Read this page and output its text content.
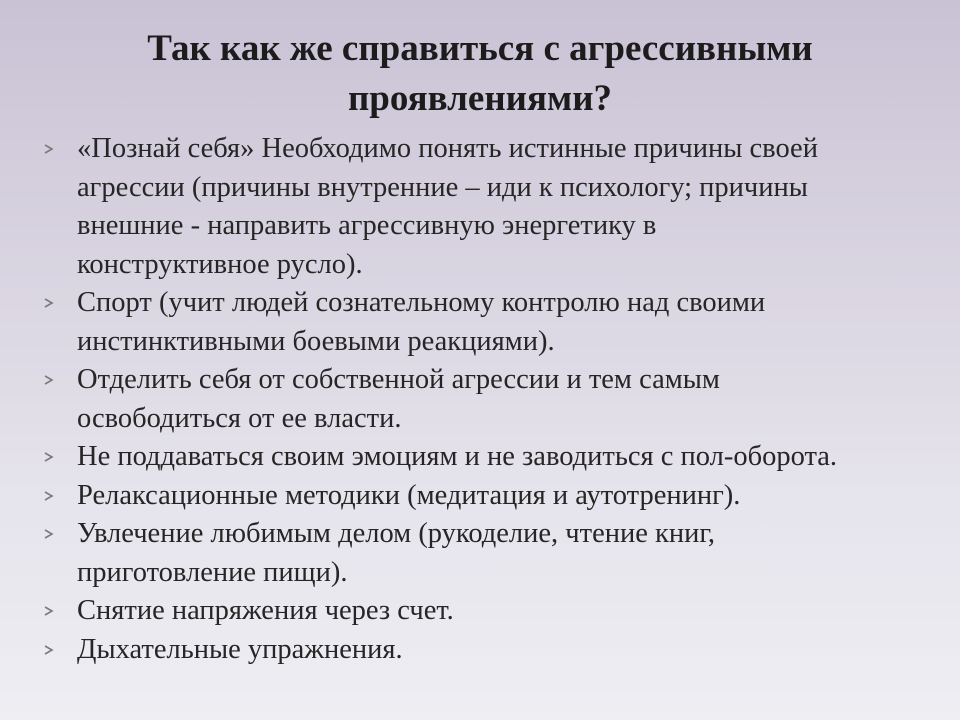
Так как же справиться с агрессивными
проявлениями?
«Познай себя» Необходимо понять истинные причины своей
агрессии (причины внутренние – иди к психологу; причины
внешние - направить агрессивную энергетику в
конструктивное русло).
Спорт (учит людей сознательному контролю над своими
инстинктивными боевыми реакциями).
Отделить себя от собственной агрессии и тем самым
освободиться от ее власти.
Не поддаваться своим эмоциям и не заводиться с пол-оборота.
Релаксационные методики (медитация и аутотренинг).
Увлечение любимым делом (рукоделие, чтение книг,
приготовление пищи).
Снятие напряжения через счет.
Дыхательные упражнения.
